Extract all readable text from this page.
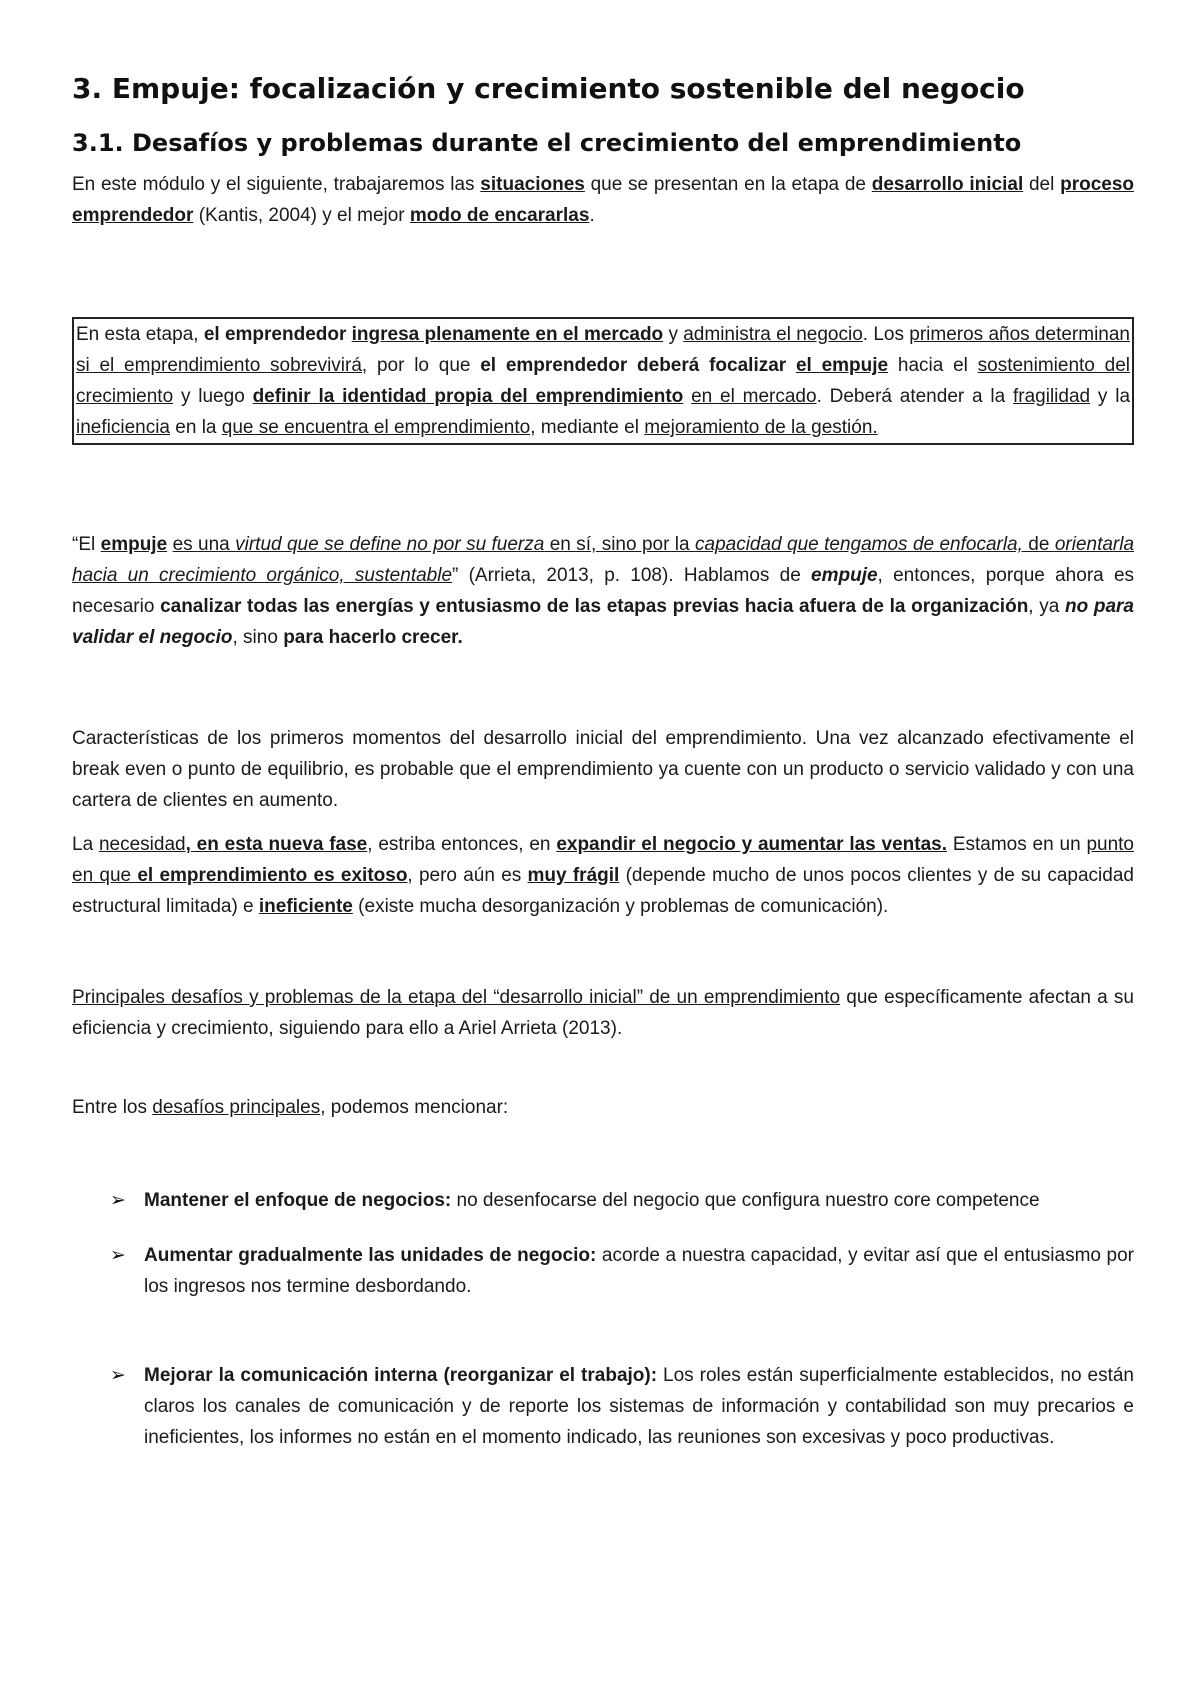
3. Empuje: focalización y crecimiento sostenible del negocio
3.1. Desafíos y problemas durante el crecimiento del emprendimiento

En este módulo y el siguiente, trabajaremos las situaciones que se presentan en la etapa de desarrollo inicial del proceso emprendedor (Kantis, 2004) y el mejor modo de encararlas.

En esta etapa, el emprendedor ingresa plenamente en el mercado y administra el negocio. Los primeros años determinan si el emprendimiento sobrevivirá, por lo que el emprendedor deberá focalizar el empuje hacia el sostenimiento del crecimiento y luego definir la identidad propia del emprendimiento en el mercado. Deberá atender a la fragilidad y la ineficiencia en la que se encuentra el emprendimiento, mediante el mejoramiento de la gestión.

“El empuje es una virtud que se define no por su fuerza en sí, sino por la capacidad que tengamos de enfocarla, de orientarla hacia un crecimiento orgánico, sustentable” (Arrieta, 2013, p. 108). Hablamos de empuje, entonces, porque ahora es necesario canalizar todas las energías y entusiasmo de las etapas previas hacia afuera de la organización, ya no para validar el negocio, sino para hacerlo crecer.

Características de los primeros momentos del desarrollo inicial del emprendimiento. Una vez alcanzado efectivamente el break even o punto de equilibrio, es probable que el emprendimiento ya cuente con un producto o servicio validado y con una cartera de clientes en aumento.

La necesidad, en esta nueva fase, estriba entonces, en expandir el negocio y aumentar las ventas. Estamos en un punto en que el emprendimiento es exitoso, pero aún es muy frágil (depende mucho de unos pocos clientes y de su capacidad estructural limitada) e ineficiente (existe mucha desorganización y problemas de comunicación).

Principales desafíos y problemas de la etapa del “desarrollo inicial” de un emprendimiento que específicamente afectan a su eficiencia y crecimiento, siguiendo para ello a Ariel Arrieta (2013).

Entre los desafíos principales, podemos mencionar:

➢ Mantener el enfoque de negocios: no desenfocarse del negocio que configura nuestro core competence
➢ Aumentar gradualmente las unidades de negocio: acorde a nuestra capacidad, y evitar así que el entusiasmo por los ingresos nos termine desbordando.
➢ Mejorar la comunicación interna (reorganizar el trabajo): Los roles están superficialmente establecidos, no están claros los canales de comunicación y de reporte los sistemas de información y contabilidad son muy precarios e ineficientes, los informes no están en el momento indicado, las reuniones son excesivas y poco productivas.
